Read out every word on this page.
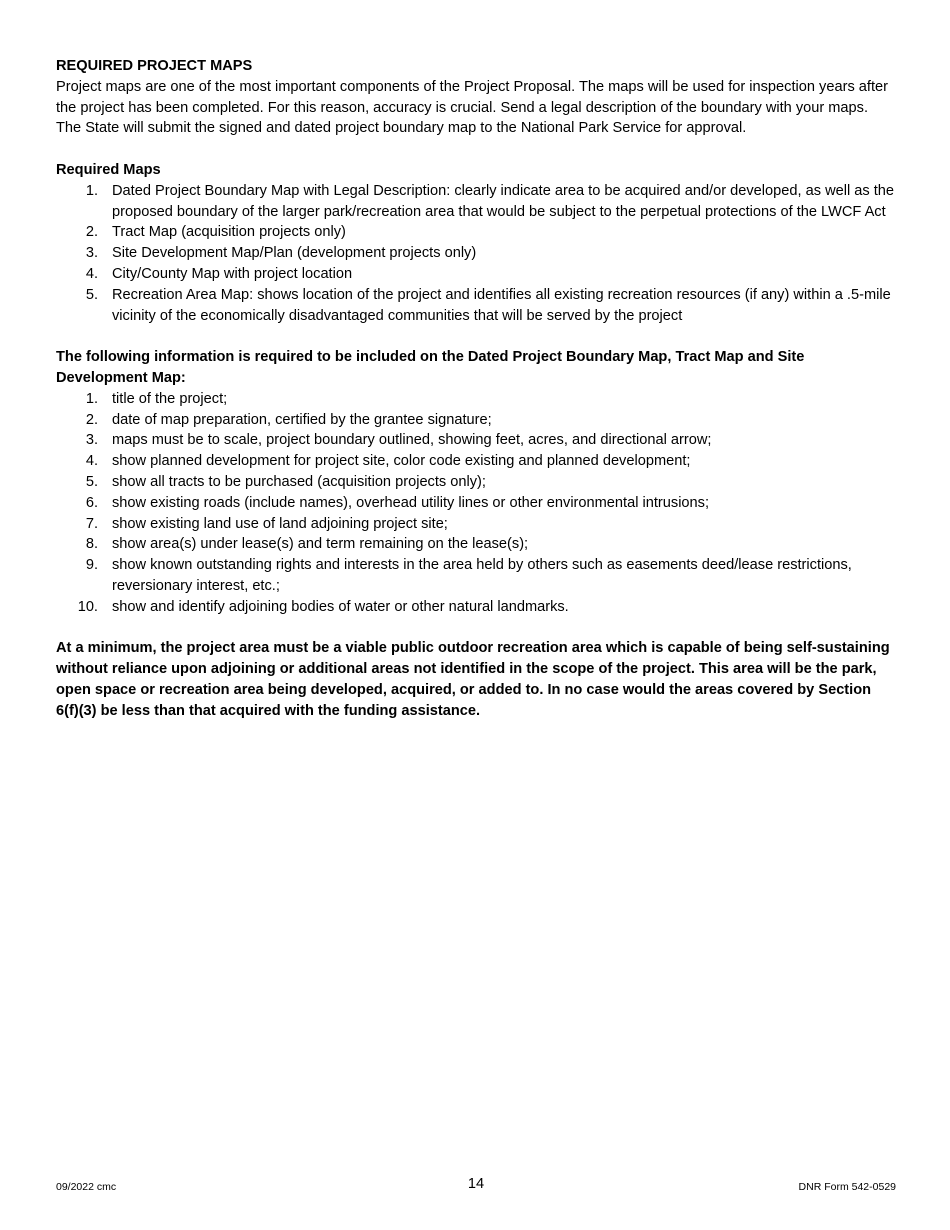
REQUIRED PROJECT MAPS

Project maps are one of the most important components of the Project Proposal. The maps will be used for inspection years after the project has been completed. For this reason, accuracy is crucial. Send a legal description of the boundary with your maps. The State will submit the signed and dated project boundary map to the National Park Service for approval.

Required Maps

1. Dated Project Boundary Map with Legal Description: clearly indicate area to be acquired and/or developed, as well as the proposed boundary of the larger park/recreation area that would be subject to the perpetual protections of the LWCF Act
2. Tract Map (acquisition projects only)
3. Site Development Map/Plan (development projects only)
4. City/County Map with project location
5. Recreation Area Map: shows location of the project and identifies all existing recreation resources (if any) within a .5-mile vicinity of the economically disadvantaged communities that will be served by the project

The following information is required to be included on the Dated Project Boundary Map, Tract Map and Site Development Map:

1. title of the project;
2. date of map preparation, certified by the grantee signature;
3. maps must be to scale, project boundary outlined, showing feet, acres, and directional arrow;
4. show planned development for project site, color code existing and planned development;
5. show all tracts to be purchased (acquisition projects only);
6. show existing roads (include names), overhead utility lines or other environmental intrusions;
7. show existing land use of land adjoining project site;
8. show area(s) under lease(s) and term remaining on the lease(s);
9. show known outstanding rights and interests in the area held by others such as easements deed/lease restrictions, reversionary interest, etc.;
10. show and identify adjoining bodies of water or other natural landmarks.

At a minimum, the project area must be a viable public outdoor recreation area which is capable of being self-sustaining without reliance upon adjoining or additional areas not identified in the scope of the project. This area will be the park, open space or recreation area being developed, acquired, or added to. In no case would the areas covered by Section 6(f)(3) be less than that acquired with the funding assistance.

09/2022 cmc	14	DNR Form 542-0529
